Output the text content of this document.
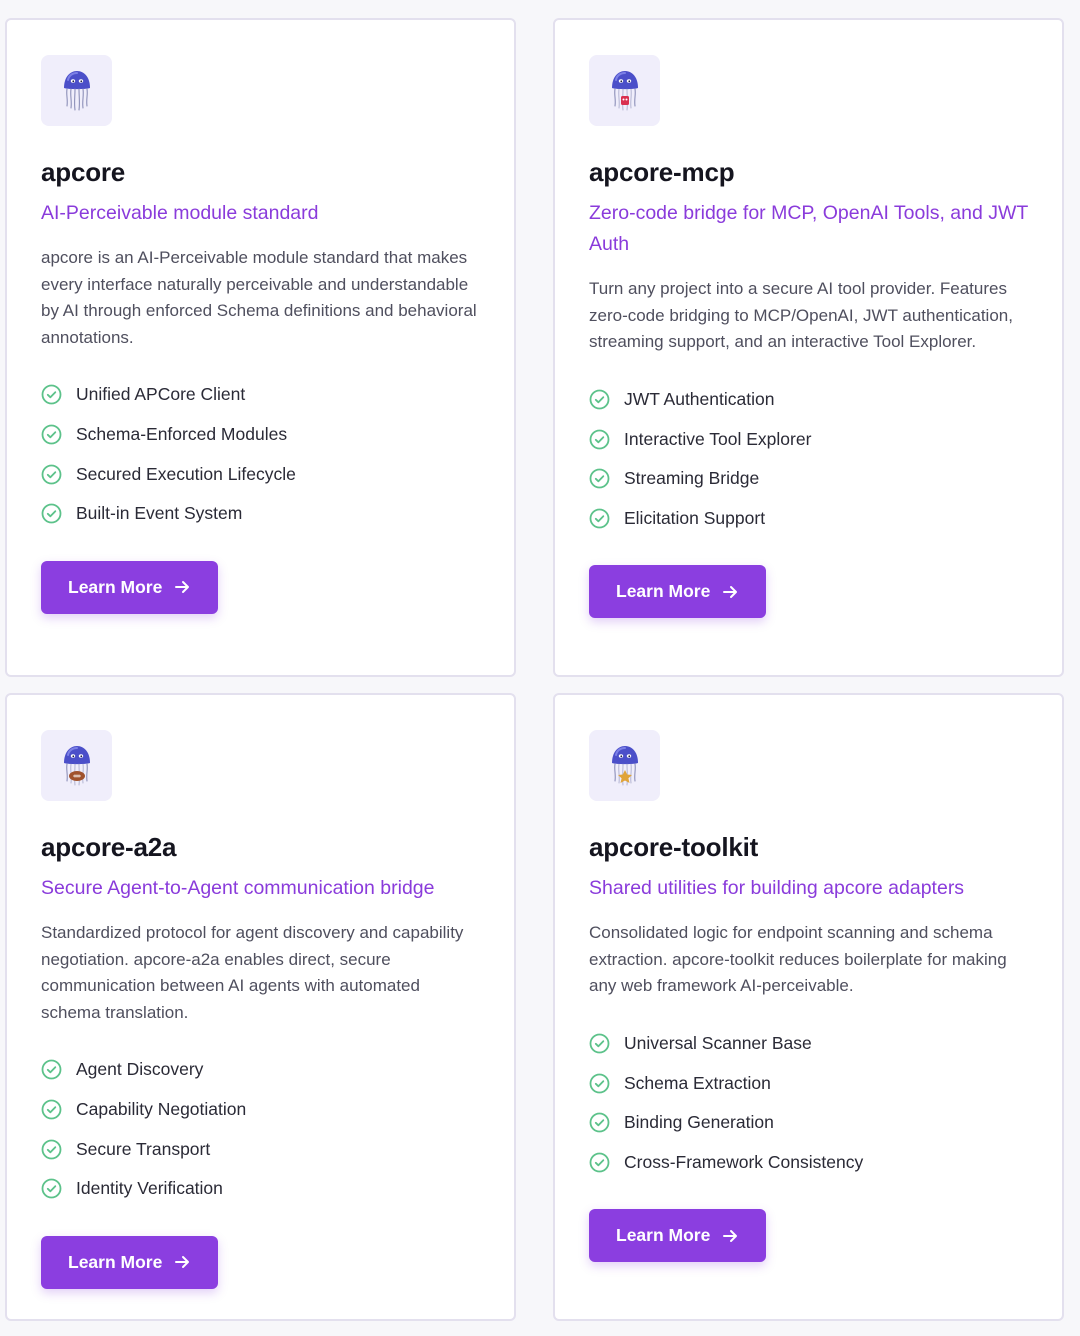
apcore
AI-Perceivable module standard
apcore is an AI-Perceivable module standard that makes every interface naturally perceivable and understandable by AI through enforced Schema definitions and behavioral annotations.
Unified APCore Client
Schema-Enforced Modules
Secured Execution Lifecycle
Built-in Event System
Learn More
apcore-mcp
Zero-code bridge for MCP, OpenAI Tools, and JWT Auth
Turn any project into a secure AI tool provider. Features zero-code bridging to MCP/OpenAI, JWT authentication, streaming support, and an interactive Tool Explorer.
JWT Authentication
Interactive Tool Explorer
Streaming Bridge
Elicitation Support
Learn More
apcore-a2a
Secure Agent-to-Agent communication bridge
Standardized protocol for agent discovery and capability negotiation. apcore-a2a enables direct, secure communication between AI agents with automated schema translation.
Agent Discovery
Capability Negotiation
Secure Transport
Identity Verification
Learn More
apcore-toolkit
Shared utilities for building apcore adapters
Consolidated logic for endpoint scanning and schema extraction. apcore-toolkit reduces boilerplate for making any web framework AI-perceivable.
Universal Scanner Base
Schema Extraction
Binding Generation
Cross-Framework Consistency
Learn More
